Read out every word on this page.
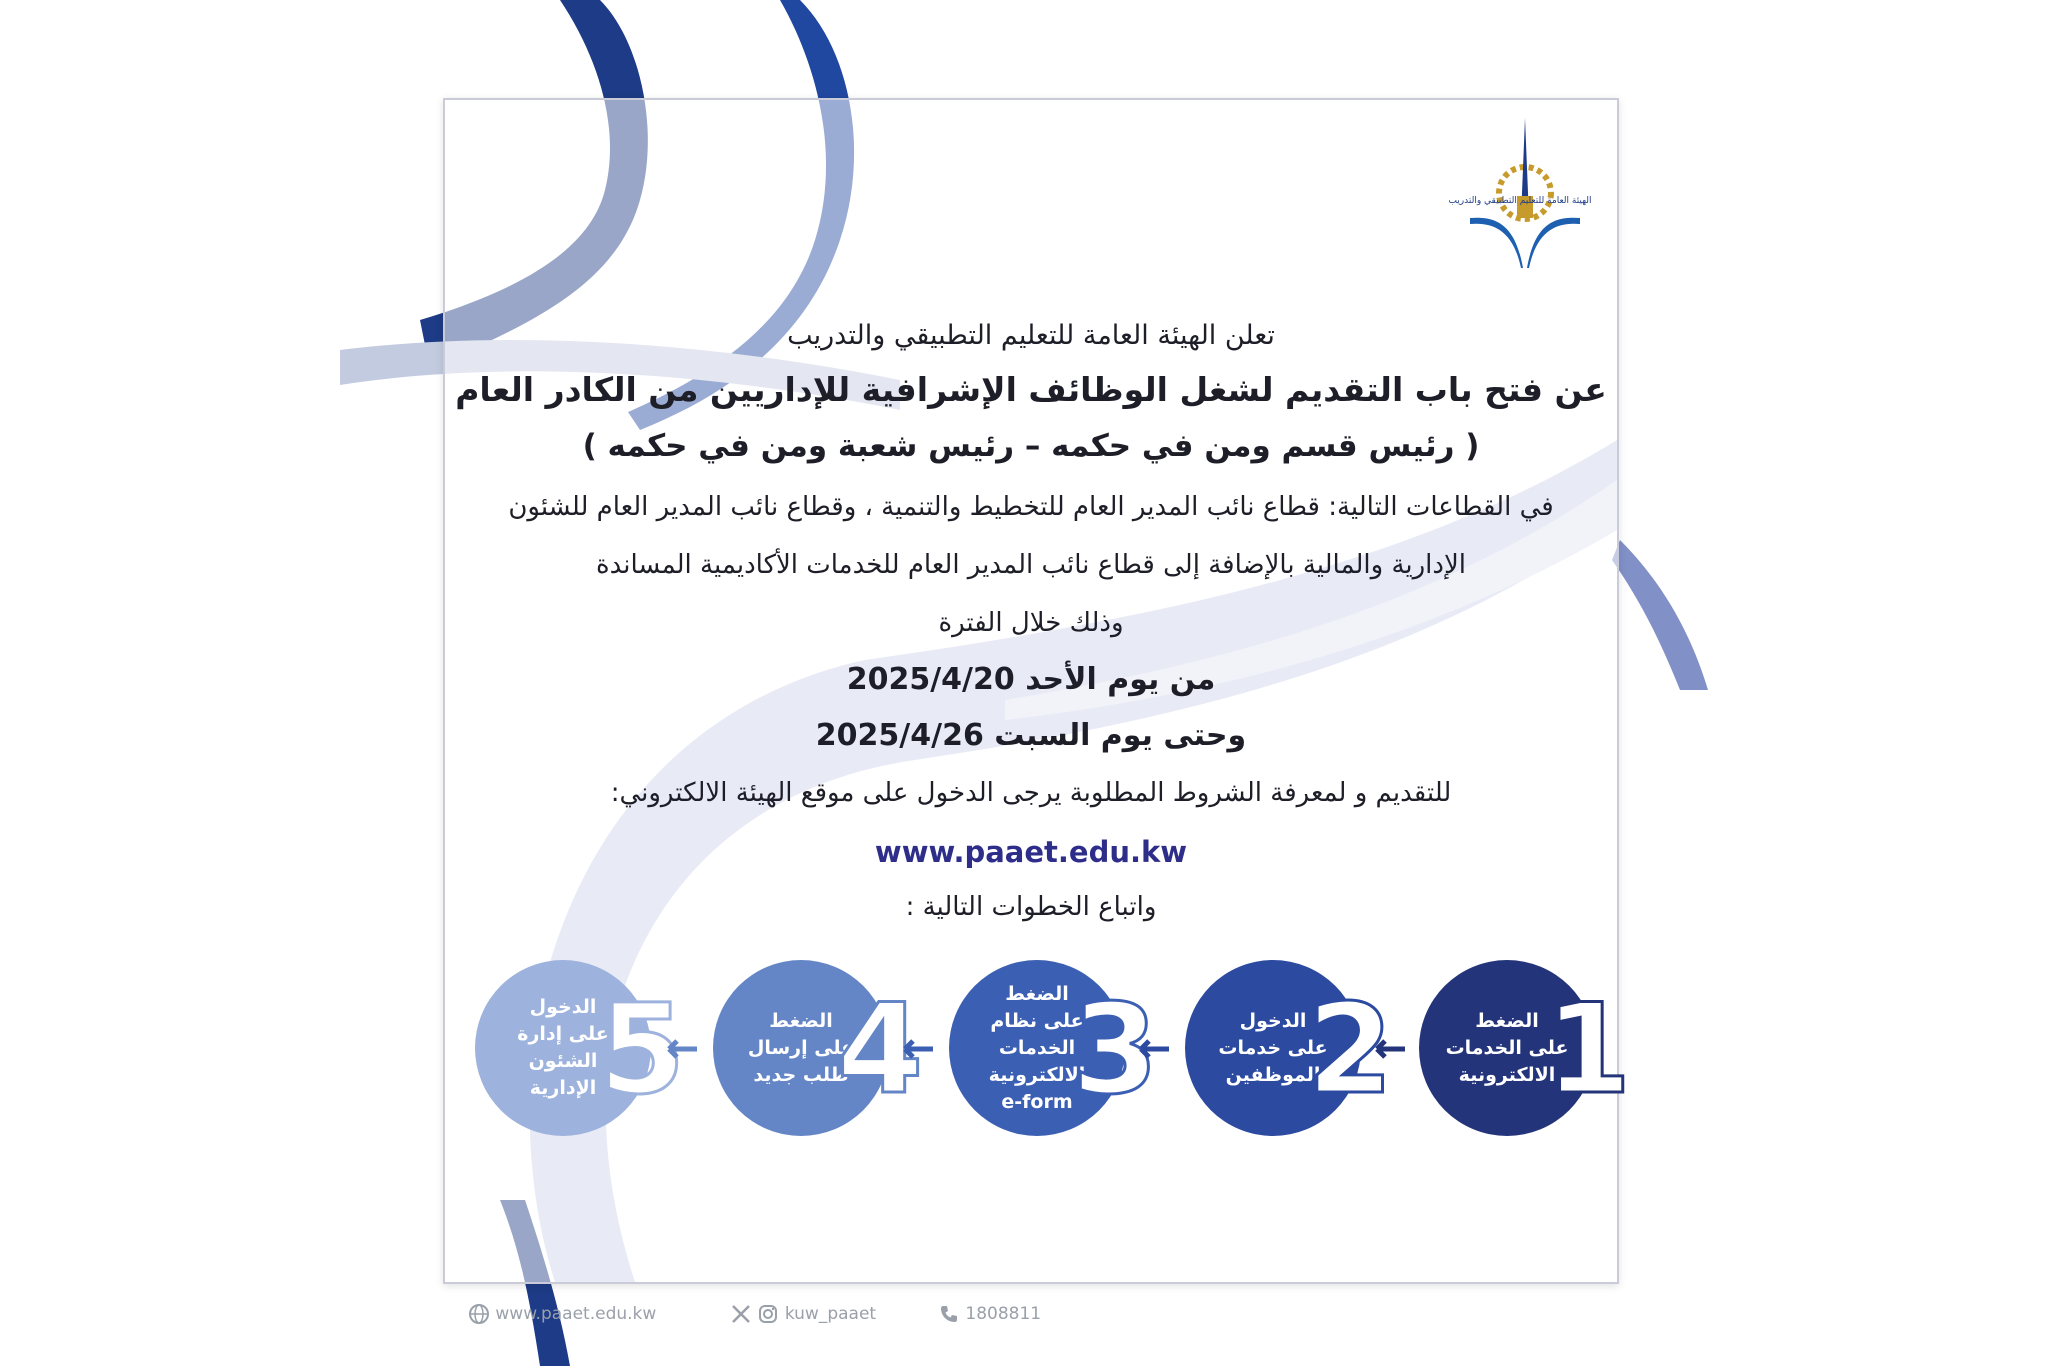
الهيئة العامة للتعليم التطبيقي والتدريب
تعلن الهيئة العامة للتعليم التطبيقي والتدريب
عن فتح باب التقديم لشغل الوظائف الإشرافية للإداريين من الكادر العام
( رئيس قسم ومن في حكمه – رئيس شعبة ومن في حكمه )
في القطاعات التالية: قطاع نائب المدير العام للتخطيط والتنمية ، وقطاع نائب المدير العام للشئون
الإدارية والمالية بالإضافة إلى قطاع نائب المدير العام للخدمات الأكاديمية المساندة
وذلك خلال الفترة
من يوم الأحد 2025/4/20
وحتى يوم السبت 2025/4/26
للتقديم و لمعرفة الشروط المطلوبة يرجى الدخول على موقع الهيئة الالكتروني:
www.paaet.edu.kw
واتباع الخطوات التالية :
الضغط
على الخدمات
الالكترونية
1
الدخول
على خدمات
الموظفين
2
الضغط
على نظام
الخدمات
الالكترونية
e-form 3
الضغط
على إرسال
طلب جديد
4
الدخول
على إدارة
الشئون
الإدارية 5
www.paaet.edu.kw	kuw_paaet	1808811
